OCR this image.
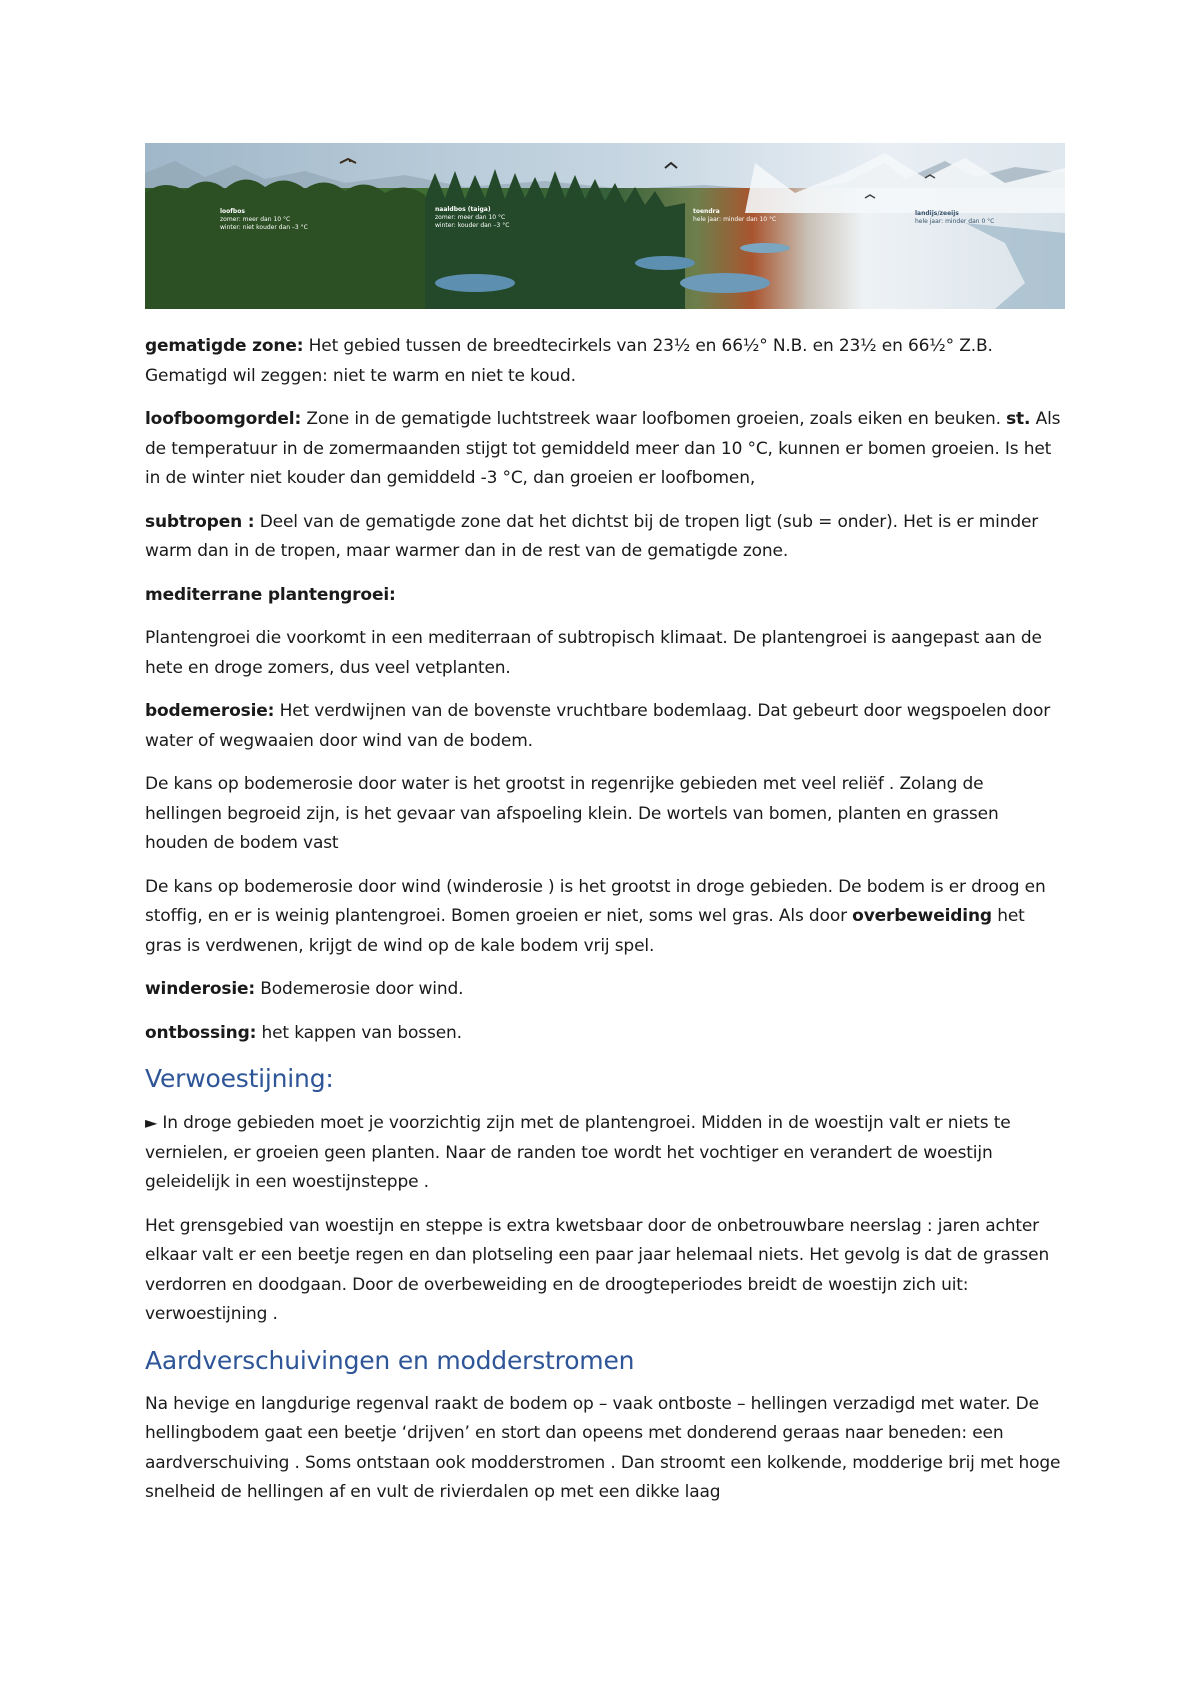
loofbos
zomer: meer dan 10 °C
winter: niet kouder dan –3 °C
naaldbos (taiga)
zomer: meer dan 10 °C
winter: kouder dan –3 °C
toendra
hele jaar: minder dan 10 °C
landijs/zeeijs
hele jaar: minder dan 0 °C

gematigde zone: Het gebied tussen de breedtecirkels van 23½ en 66½° N.B. en 23½ en 66½° Z.B. Gematigd wil zeggen: niet te warm en niet te koud.

loofboomgordel: Zone in de gematigde luchtstreek waar loofbomen groeien, zoals eiken en beuken. st. Als de temperatuur in de zomermaanden stijgt tot gemiddeld meer dan 10 °C, kunnen er bomen groeien. Is het in de winter niet kouder dan gemiddeld -3 °C, dan groeien er loofbomen,

subtropen : Deel van de gematigde zone dat het dichtst bij de tropen ligt (sub = onder). Het is er minder warm dan in de tropen, maar warmer dan in de rest van de gematigde zone.

mediterrane plantengroei:

Plantengroei die voorkomt in een mediterraan of subtropisch klimaat. De plantengroei is aangepast aan de hete en droge zomers, dus veel vetplanten.

bodemerosie: Het verdwijnen van de bovenste vruchtbare bodemlaag. Dat gebeurt door wegspoelen door water of wegwaaien door wind van de bodem.

De kans op bodemerosie door water is het grootst in regenrijke gebieden met veel reliëf . Zolang de hellingen begroeid zijn, is het gevaar van afspoeling klein. De wortels van bomen, planten en grassen houden de bodem vast

De kans op bodemerosie door wind (winderosie ) is het grootst in droge gebieden. De bodem is er droog en stoffig, en er is weinig plantengroei. Bomen groeien er niet, soms wel gras. Als door overbeweiding het gras is verdwenen, krijgt de wind op de kale bodem vrij spel.

winderosie: Bodemerosie door wind.

ontbossing: het kappen van bossen.

Verwoestijning:

► In droge gebieden moet je voorzichtig zijn met de plantengroei. Midden in de woestijn valt er niets te vernielen, er groeien geen planten. Naar de randen toe wordt het vochtiger en verandert de woestijn geleidelijk in een woestijnsteppe .

Het grensgebied van woestijn en steppe is extra kwetsbaar door de onbetrouwbare neerslag : jaren achter elkaar valt er een beetje regen en dan plotseling een paar jaar helemaal niets. Het gevolg is dat de grassen verdorren en doodgaan. Door de overbeweiding en de droogteperiodes breidt de woestijn zich uit: verwoestijning .

Aardverschuivingen en modderstromen

Na hevige en langdurige regenval raakt de bodem op – vaak ontboste – hellingen verzadigd met water. De hellingbodem gaat een beetje ‘drijven’ en stort dan opeens met donderend geraas naar beneden: een aardverschuiving . Soms ontstaan ook modderstromen . Dan stroomt een kolkende, modderige brij met hoge snelheid de hellingen af en vult de rivierdalen op met een dikke laag
